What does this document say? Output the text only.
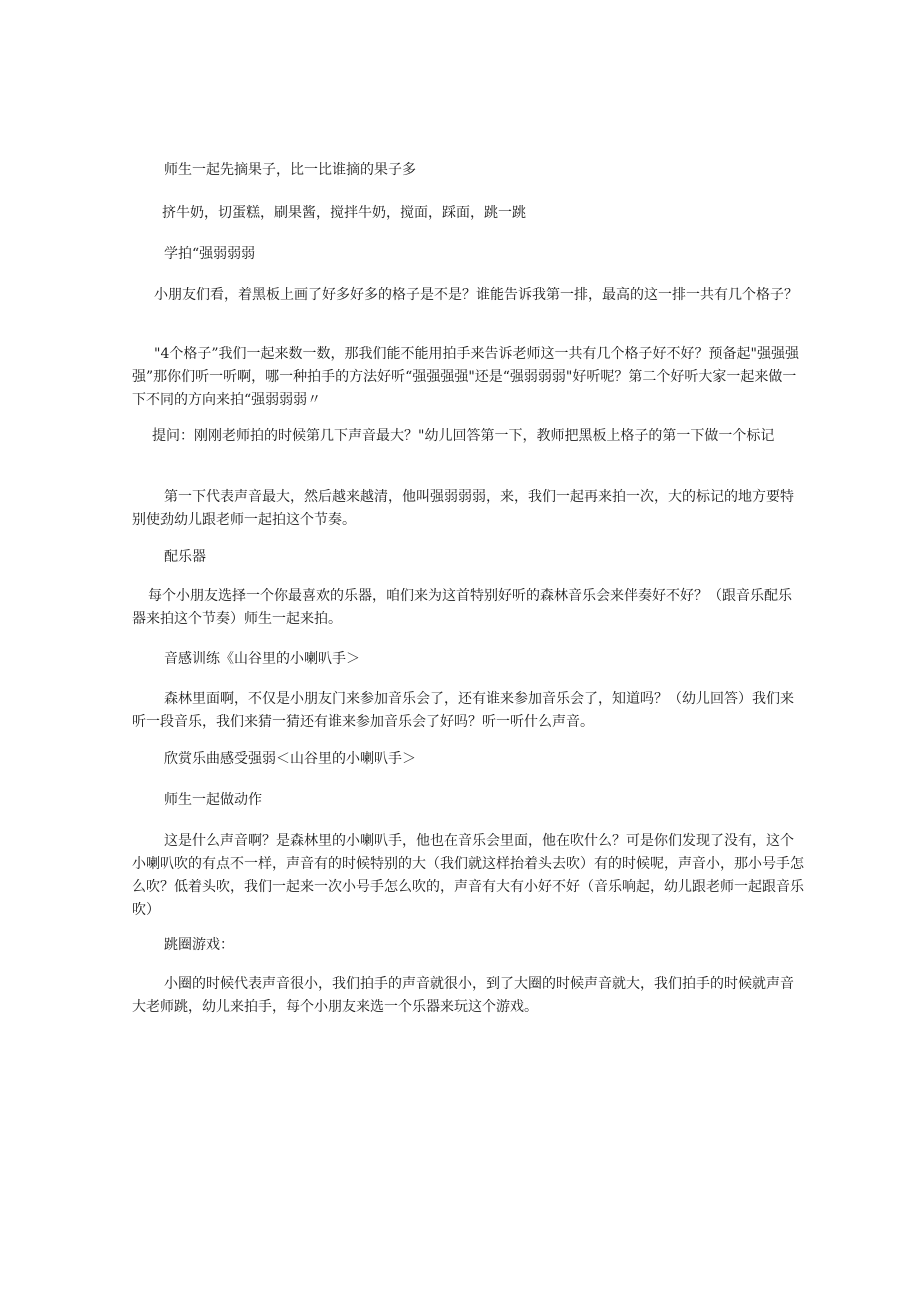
师生一起先摘果子，比一比谁摘的果子多

挤牛奶，切蛋糕，刷果酱，搅拌牛奶，搅面，踩面，跳一跳

学拍“强弱弱弱

小朋友们看，着黑板上画了好多好多的格子是不是？谁能告诉我第一排，最高的这一排一共有几个格子？

"4个格子”我们一起来数一数，那我们能不能用拍手来告诉老师这一共有几个格子好不好？预备起"强强强强”那你们听一听啊，哪一种拍手的方法好听“强强强强"还是“强弱弱弱"好听呢？第二个好听大家一起来做一下不同的方向来拍“强弱弱弱〃

提问：刚刚老师拍的时候第几下声音最大？"幼儿回答第一下，教师把黑板上格子的第一下做一个标记

第一下代表声音最大，然后越来越清，他叫强弱弱弱，来，我们一起再来拍一次，大的标记的地方要特别使劲幼儿跟老师一起拍这个节奏。

配乐器

每个小朋友选择一个你最喜欢的乐器，咱们来为这首特别好听的森林音乐会来伴奏好不好？（跟音乐配乐器来拍这个节奏）师生一起来拍。

音感训练《山谷里的小喇叭手＞

森林里面啊，不仅是小朋友门来参加音乐会了，还有谁来参加音乐会了，知道吗？（幼儿回答）我们来听一段音乐，我们来猜一猜还有谁来参加音乐会了好吗？听一听什么声音。

欣赏乐曲感受强弱＜山谷里的小喇叭手＞

师生一起做动作

这是什么声音啊？是森林里的小喇叭手，他也在音乐会里面，他在吹什么？可是你们发现了没有，这个小喇叭吹的有点不一样，声音有的时候特别的大（我们就这样抬着头去吹）有的时候呢，声音小，那小号手怎么吹？低着头吹，我们一起来一次小号手怎么吹的，声音有大有小好不好（音乐响起，幼儿跟老师一起跟音乐吹）

跳圈游戏：

小圈的时候代表声音很小，我们拍手的声音就很小，到了大圈的时候声音就大，我们拍手的时候就声音大老师跳，幼儿来拍手，每个小朋友来选一个乐器来玩这个游戏。
